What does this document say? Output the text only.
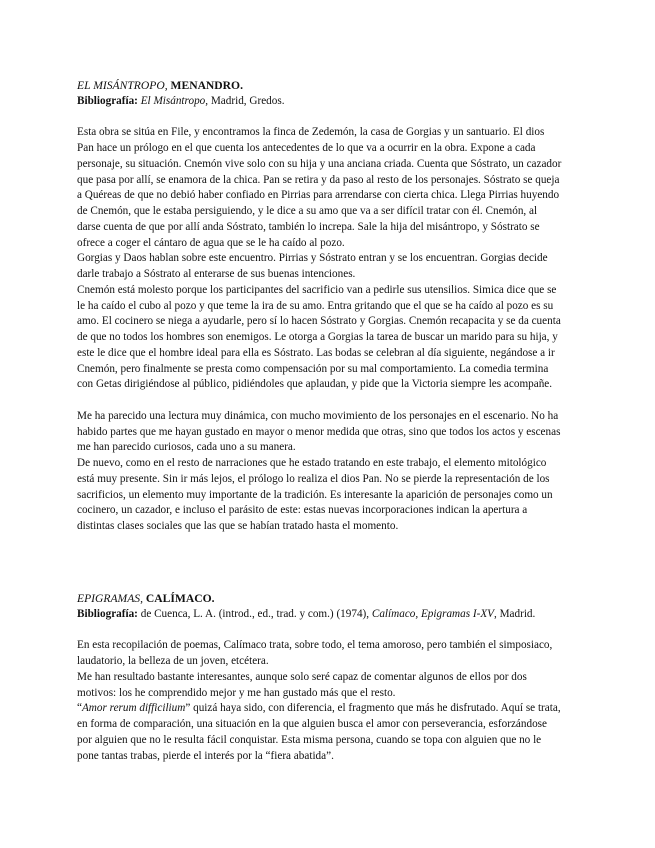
EL MISÁNTROPO, MENANDRO.

Bibliografía: El Misántropo, Madrid, Gredos.

Esta obra se sitúa en File, y encontramos la finca de Zedemón, la casa de Gorgias y un santuario. El dios Pan hace un prólogo en el que cuenta los antecedentes de lo que va a ocurrir en la obra. Expone a cada personaje, su situación. Cnemón vive solo con su hija y una anciana criada. Cuenta que Sóstrato, un cazador que pasa por allí, se enamora de la chica. Pan se retira y da paso al resto de los personajes. Sóstrato se queja a Quéreas de que no debió haber confiado en Pirrias para arrendarse con cierta chica. Llega Pirrias huyendo de Cnemón, que le estaba persiguiendo, y le dice a su amo que va a ser difícil tratar con él. Cnemón, al darse cuenta de que por allí anda Sóstrato, también lo increpa. Sale la hija del misántropo, y Sóstrato se ofrece a coger el cántaro de agua que se le ha caído al pozo.

Gorgias y Daos hablan sobre este encuentro. Pirrias y Sóstrato entran y se los encuentran. Gorgias decide darle trabajo a Sóstrato al enterarse de sus buenas intenciones.

Cnemón está molesto porque los participantes del sacrificio van a pedirle sus utensilios. Simica dice que se le ha caído el cubo al pozo y que teme la ira de su amo. Entra gritando que el que se ha caído al pozo es su amo. El cocinero se niega a ayudarle, pero sí lo hacen Sóstrato y Gorgias. Cnemón recapacita y se da cuenta de que no todos los hombres son enemigos. Le otorga a Gorgias la tarea de buscar un marido para su hija, y este le dice que el hombre ideal para ella es Sóstrato. Las bodas se celebran al día siguiente, negándose a ir Cnemón, pero finalmente se presta como compensación por su mal comportamiento. La comedia termina con Getas dirigiéndose al público, pidiéndoles que aplaudan, y pide que la Victoria siempre les acompañe.

Me ha parecido una lectura muy dinámica, con mucho movimiento de los personajes en el escenario. No ha habido partes que me hayan gustado en mayor o menor medida que otras, sino que todos los actos y escenas me han parecido curiosos, cada uno a su manera.

De nuevo, como en el resto de narraciones que he estado tratando en este trabajo, el elemento mitológico está muy presente. Sin ir más lejos, el prólogo lo realiza el dios Pan. No se pierde la representación de los sacrificios, un elemento muy importante de la tradición. Es interesante la aparición de personajes como un cocinero, un cazador, e incluso el parásito de este: estas nuevas incorporaciones indican la apertura a distintas clases sociales que las que se habían tratado hasta el momento.

EPIGRAMAS, CALÍMACO.

Bibliografía: de Cuenca, L. A. (introd., ed., trad. y com.) (1974), Calímaco, Epigramas I-XV, Madrid.

En esta recopilación de poemas, Calímaco trata, sobre todo, el tema amoroso, pero también el simposiaco, laudatorio, la belleza de un joven, etcétera.

Me han resultado bastante interesantes, aunque solo seré capaz de comentar algunos de ellos por dos motivos: los he comprendido mejor y me han gustado más que el resto.

“Amor rerum difficilium” quizá haya sido, con diferencia, el fragmento que más he disfrutado. Aquí se trata, en forma de comparación, una situación en la que alguien busca el amor con perseverancia, esforzándose por alguien que no le resulta fácil conquistar. Esta misma persona, cuando se topa con alguien que no le pone tantas trabas, pierde el interés por la “fiera abatida”.
